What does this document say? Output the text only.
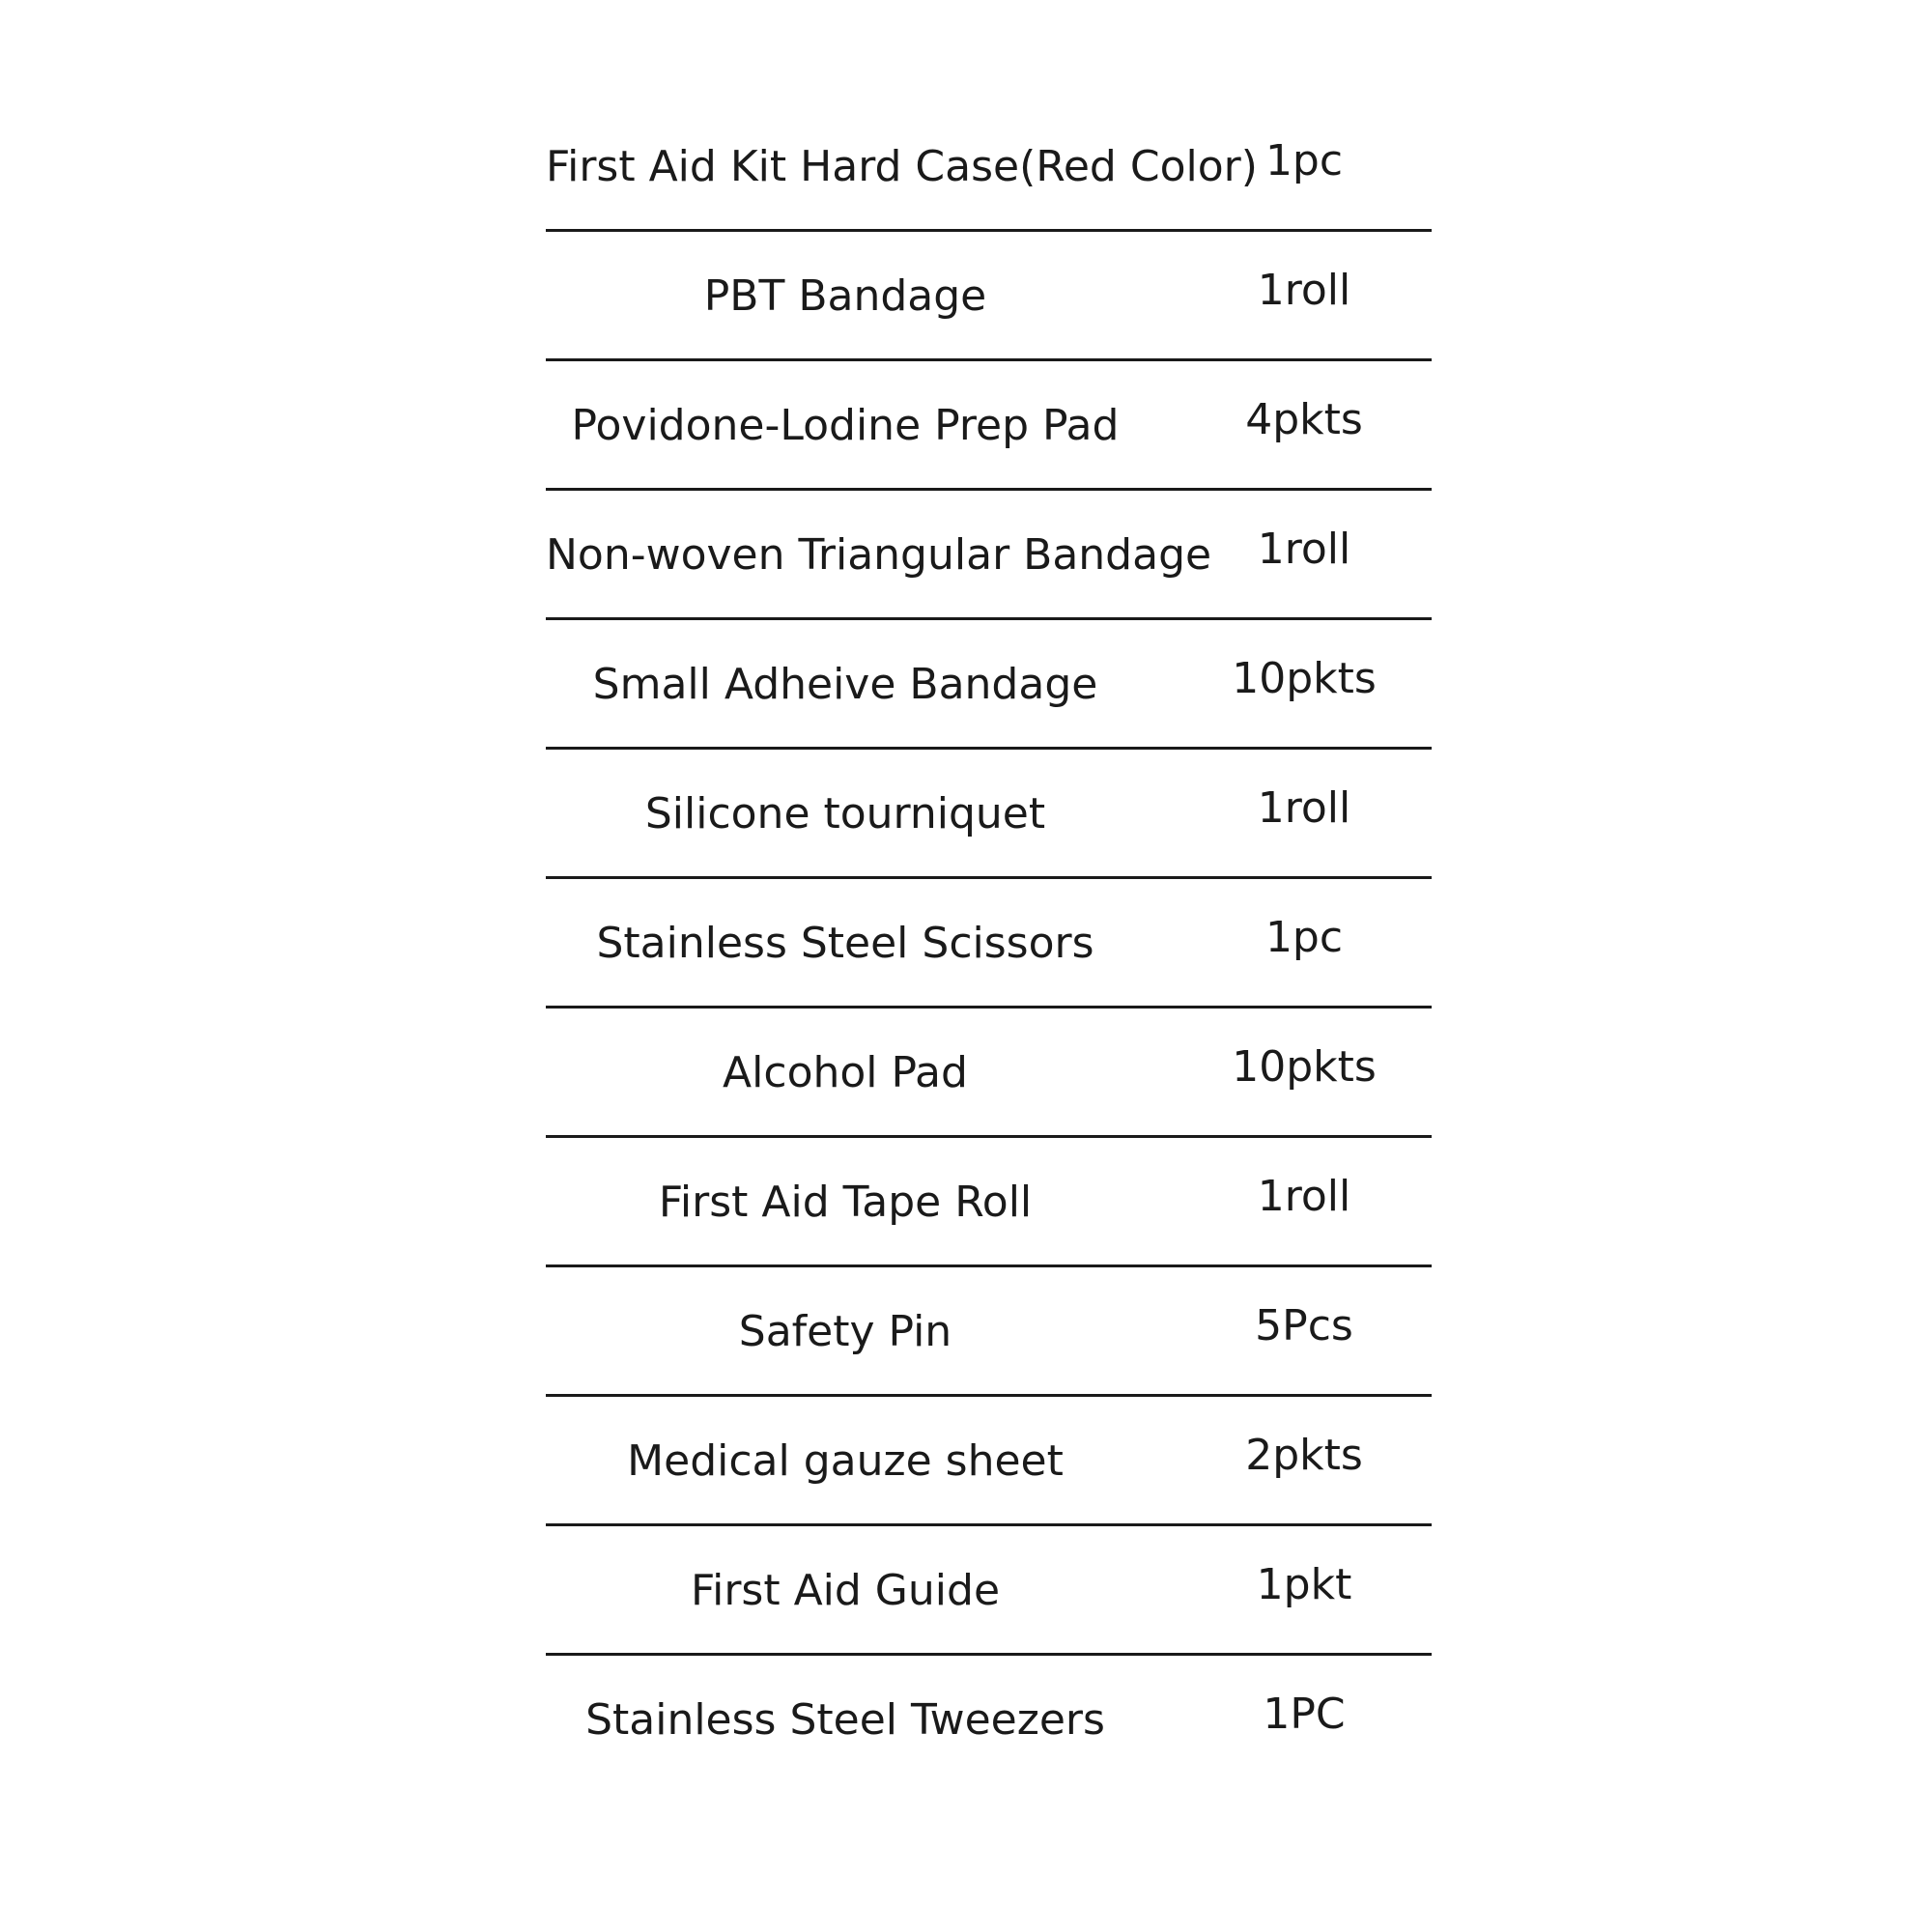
First Aid Kit Hard Case(Red Color) 1pc
PBT Bandage	1roll
Povidone-Lodine Prep Pad	4pkts
Non-woven Triangular Bandage	1roll
Small Adheive Bandage	10pkts
Silicone tourniquet	1roll
Stainless Steel Scissors	1pc
Alcohol Pad	10pkts
First Aid Tape Roll	1roll
Safety Pin	5Pcs
Medical gauze sheet	2pkts
First Aid Guide	1pkt
Stainless Steel Tweezers	1PC
